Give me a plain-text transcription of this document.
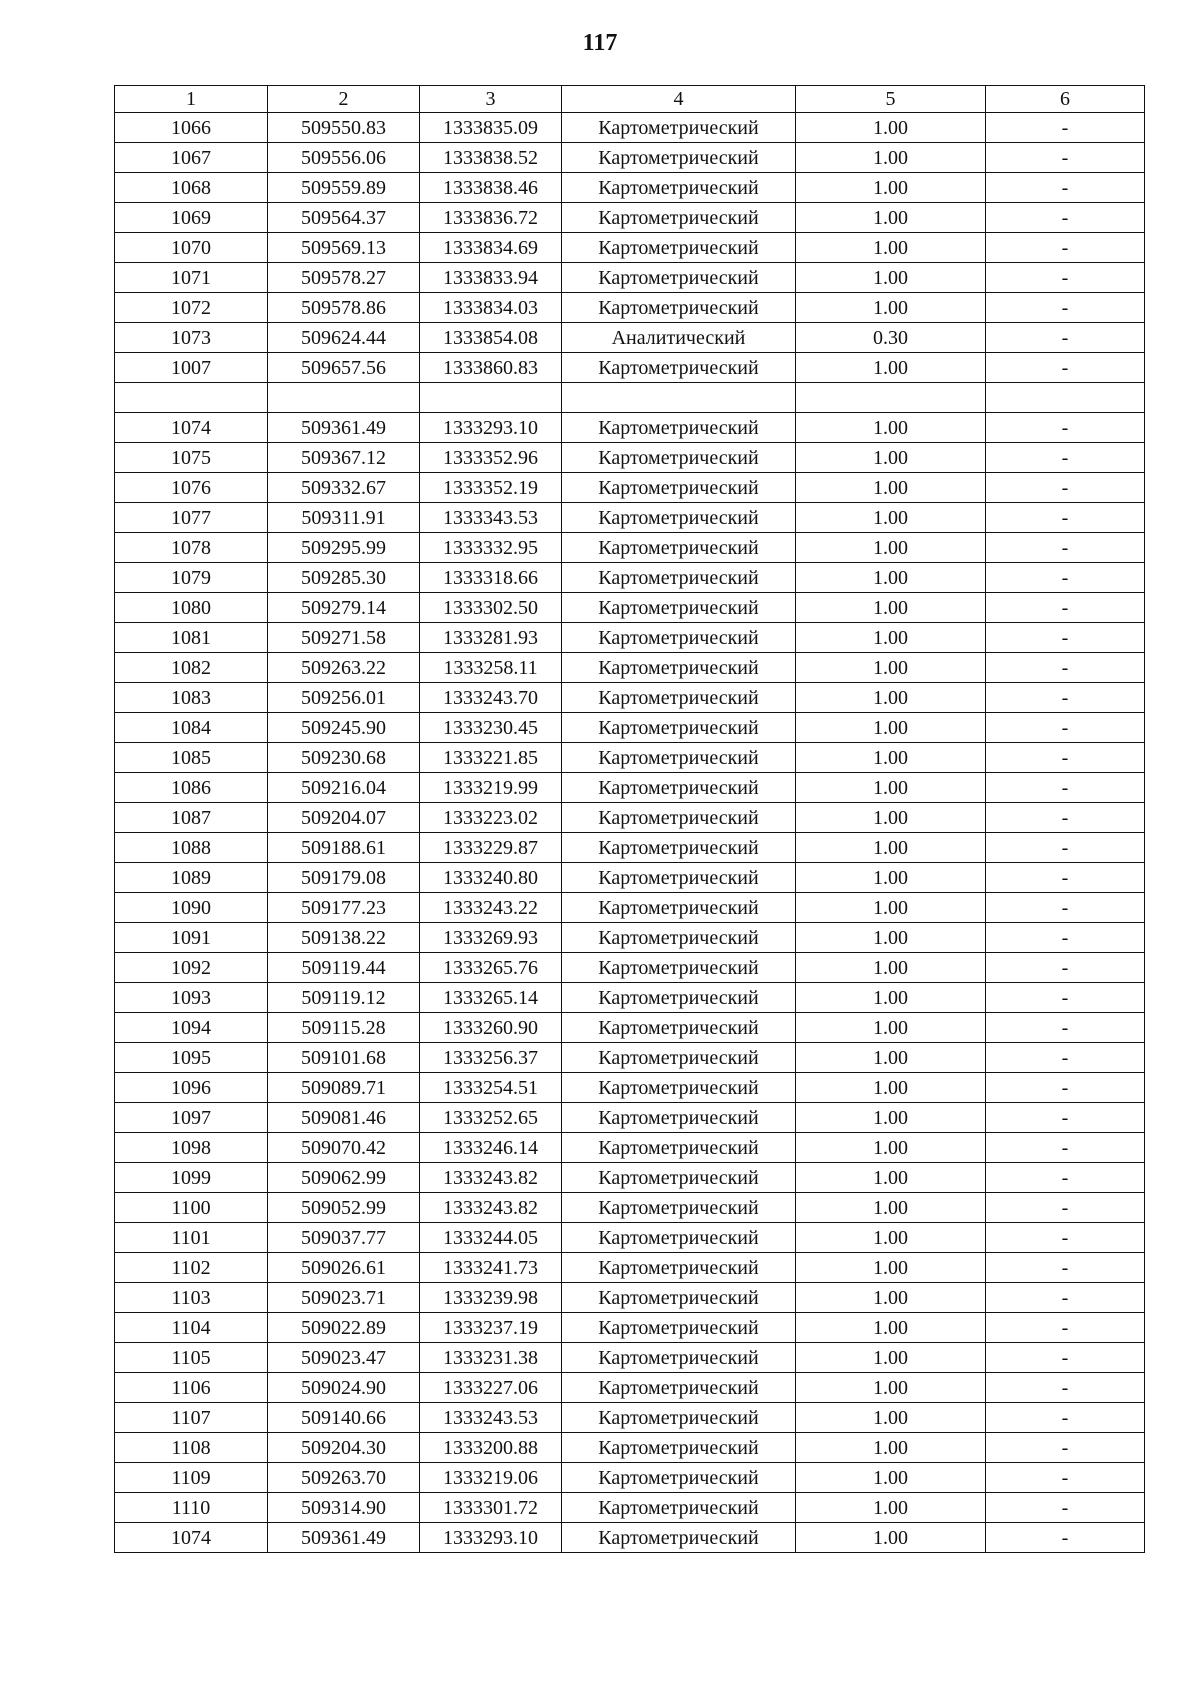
117
1	2	3	4	5	6
1066	509550.83	1333835.09	Картометрический	1.00	-
1067	509556.06	1333838.52	Картометрический	1.00	-
1068	509559.89	1333838.46	Картометрический	1.00	-
1069	509564.37	1333836.72	Картометрический	1.00	-
1070	509569.13	1333834.69	Картометрический	1.00	-
1071	509578.27	1333833.94	Картометрический	1.00	-
1072	509578.86	1333834.03	Картометрический	1.00	-
1073	509624.44	1333854.08	Аналитический	0.30	-
1007	509657.56	1333860.83	Картометрический	1.00	-

1074	509361.49	1333293.10	Картометрический	1.00	-
1075	509367.12	1333352.96	Картометрический	1.00	-
1076	509332.67	1333352.19	Картометрический	1.00	-
1077	509311.91	1333343.53	Картометрический	1.00	-
1078	509295.99	1333332.95	Картометрический	1.00	-
1079	509285.30	1333318.66	Картометрический	1.00	-
1080	509279.14	1333302.50	Картометрический	1.00	-
1081	509271.58	1333281.93	Картометрический	1.00	-
1082	509263.22	1333258.11	Картометрический	1.00	-
1083	509256.01	1333243.70	Картометрический	1.00	-
1084	509245.90	1333230.45	Картометрический	1.00	-
1085	509230.68	1333221.85	Картометрический	1.00	-
1086	509216.04	1333219.99	Картометрический	1.00	-
1087	509204.07	1333223.02	Картометрический	1.00	-
1088	509188.61	1333229.87	Картометрический	1.00	-
1089	509179.08	1333240.80	Картометрический	1.00	-
1090	509177.23	1333243.22	Картометрический	1.00	-
1091	509138.22	1333269.93	Картометрический	1.00	-
1092	509119.44	1333265.76	Картометрический	1.00	-
1093	509119.12	1333265.14	Картометрический	1.00	-
1094	509115.28	1333260.90	Картометрический	1.00	-
1095	509101.68	1333256.37	Картометрический	1.00	-
1096	509089.71	1333254.51	Картометрический	1.00	-
1097	509081.46	1333252.65	Картометрический	1.00	-
1098	509070.42	1333246.14	Картометрический	1.00	-
1099	509062.99	1333243.82	Картометрический	1.00	-
1100	509052.99	1333243.82	Картометрический	1.00	-
1101	509037.77	1333244.05	Картометрический	1.00	-
1102	509026.61	1333241.73	Картометрический	1.00	-
1103	509023.71	1333239.98	Картометрический	1.00	-
1104	509022.89	1333237.19	Картометрический	1.00	-
1105	509023.47	1333231.38	Картометрический	1.00	-
1106	509024.90	1333227.06	Картометрический	1.00	-
1107	509140.66	1333243.53	Картометрический	1.00	-
1108	509204.30	1333200.88	Картометрический	1.00	-
1109	509263.70	1333219.06	Картометрический	1.00	-
1110	509314.90	1333301.72	Картометрический	1.00	-
1074	509361.49	1333293.10	Картометрический	1.00	-
